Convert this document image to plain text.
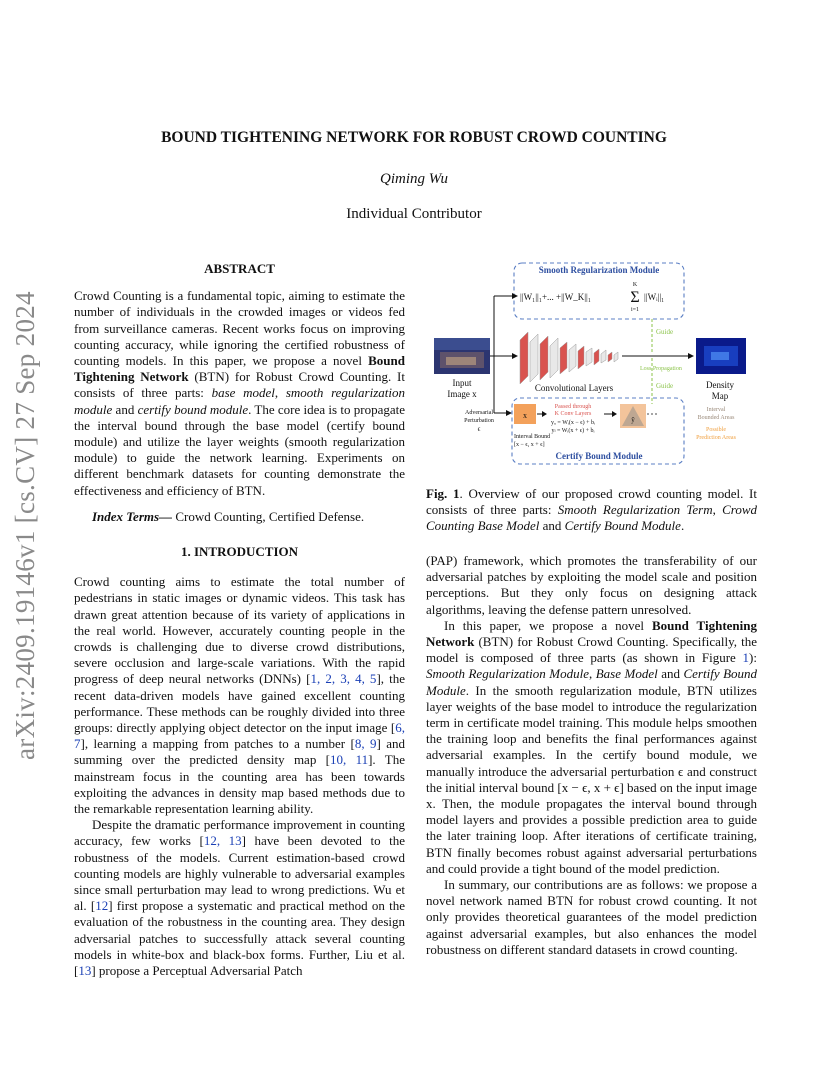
arXiv:2409.19146v1 [cs.CV] 27 Sep 2024
BOUND TIGHTENING NETWORK FOR ROBUST CROWD COUNTING
Qiming Wu
Individual Contributor

ABSTRACT

Crowd Counting is a fundamental topic, aiming to estimate the number of individuals in the crowded images or videos fed from surveillance cameras. Recent works focus on improving counting accuracy, while ignoring the certified robustness of counting models. In this paper, we propose a novel Bound Tightening Network (BTN) for Robust Crowd Counting. It consists of three parts: base model, smooth regularization module and certify bound module. The core idea is to propagate the interval bound through the base model (certify bound module) and utilize the layer weights (smooth regularization module) to guide the network learning. Experiments on different benchmark datasets for counting demonstrate the effectiveness and efficiency of BTN.

Index Terms— Crowd Counting, Certified Defense.

1. INTRODUCTION

Crowd counting aims to estimate the total number of pedestrians in static images or dynamic videos. This task has drawn great attention because of its variety of applications in the real world. However, accurately counting people in the crowds is challenging due to diverse crowd distributions, severe occlusion and large-scale variations. With the rapid progress of deep neural networks (DNNs) [1, 2, 3, 4, 5], the recent data-driven models have gained excellent counting performance. These methods can be roughly divided into three groups: directly applying object detector on the input image [6, 7], learning a mapping from patches to a number [8, 9] and summing over the predicted density map [10, 11]. The mainstream focus in the counting area has been towards exploiting the advances in density map based methods due to the remarkable representation learning ability.

Despite the dramatic performance improvement in counting accuracy, few works [12, 13] have been devoted to the robustness of the models. Current estimation-based crowd counting models are highly vulnerable to adversarial examples since small perturbation may lead to wrong predictions. Wu et al. [12] first propose a systematic and practical method on the evaluation of the robustness in the counting area. They design adversarial patches to successfully attack several counting models in white-box and black-box forms. Further, Liu et al. [13] propose a Perceptual Adversarial Patch

Smooth Regularization Module
||W₁||₁+... +||W_K||₁
K
Σ
i=1
||Wᵢ||₁
Input
Image x
Convolutional Layers
Guide
Guide
Loss Propagation
Density
Map
Certify Bound Module
Adversarial
Perturbation
ϵ
x
Passed through
K Conv Layers
yᵤ = Wᵢ(x − ϵ) + bᵢ
yₗ = Wᵢ(x + ϵ) + bᵢ
Interval Bound
[x − ϵ, x + ϵ]
ŷ
Interval
Bounded Areas
Possible
Prediction Areas

Fig. 1. Overview of our proposed crowd counting model. It consists of three parts: Smooth Regularization Term, Crowd Counting Base Model and Certify Bound Module.

(PAP) framework, which promotes the transferability of our adversarial patches by exploiting the model scale and position perceptions. But they only focus on designing attack algorithms, leaving the defense pattern unresolved.

In this paper, we propose a novel Bound Tightening Network (BTN) for Robust Crowd Counting. Specifically, the model is composed of three parts (as shown in Figure 1): Smooth Regularization Module, Base Model and Certify Bound Module. In the smooth regularization module, BTN utilizes layer weights of the base model to introduce the regularization term in certificate model training. This module helps smoothen the training loop and benefits the final performances against adversarial examples. In the certify bound module, we manually introduce the adversarial perturbation ϵ and construct the initial interval bound [x − ϵ, x + ϵ] based on the input image x. Then, the module propagates the interval bound through model layers and provides a possible prediction area to guide the later training loop. After iterations of certificate training, BTN finally becomes robust against adversarial perturbations and could provide a tight bound of the model prediction.

In summary, our contributions are as follows: we propose a novel network named BTN for robust crowd counting. It not only provides theoretical guarantees of the model prediction against adversarial examples, but also enhances the model robustness on different standard datasets in crowd counting.
